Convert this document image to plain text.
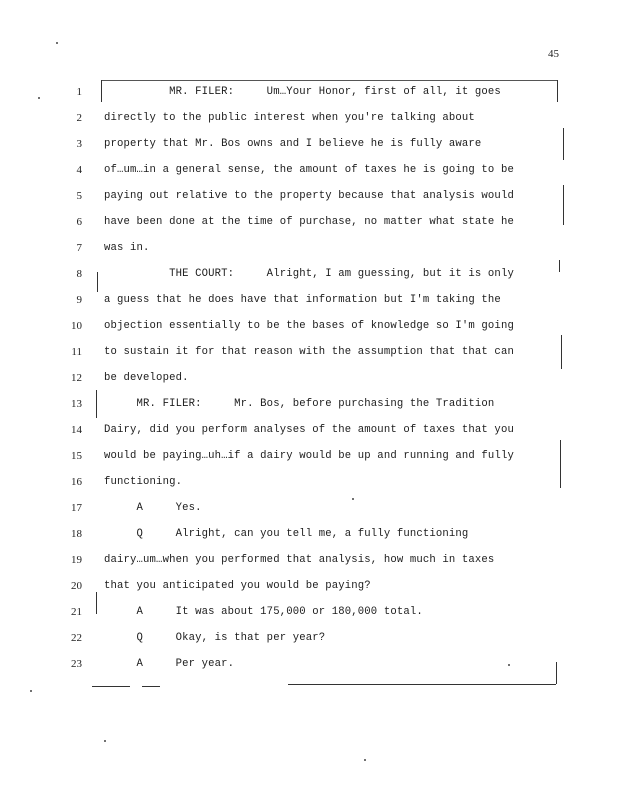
45
1 MR. FILER:     Um…Your Honor, first of all, it goes
2 directly to the public interest when you're talking about
3 property that Mr. Bos owns and I believe he is fully aware
4 of…um…in a general sense, the amount of taxes he is going to be
5 paying out relative to the property because that analysis would
6 have been done at the time of purchase, no matter what state he
7 was in.
8 THE COURT:     Alright, I am guessing, but it is only
9 a guess that he does have that information but I'm taking the
10 objection essentially to be the bases of knowledge so I'm going
11 to sustain it for that reason with the assumption that that can
12 be developed.
13 MR. FILER:     Mr. Bos, before purchasing the Tradition
14 Dairy, did you perform analyses of the amount of taxes that you
15 would be paying…uh…if a dairy would be up and running and fully
16 functioning.
17 A     Yes.
18 Q     Alright, can you tell me, a fully functioning
19 dairy…um…when you performed that analysis, how much in taxes
20 that you anticipated you would be paying?
21 A     It was about 175,000 or 180,000 total.
22 Q     Okay, is that per year?
23 A     Per year.
